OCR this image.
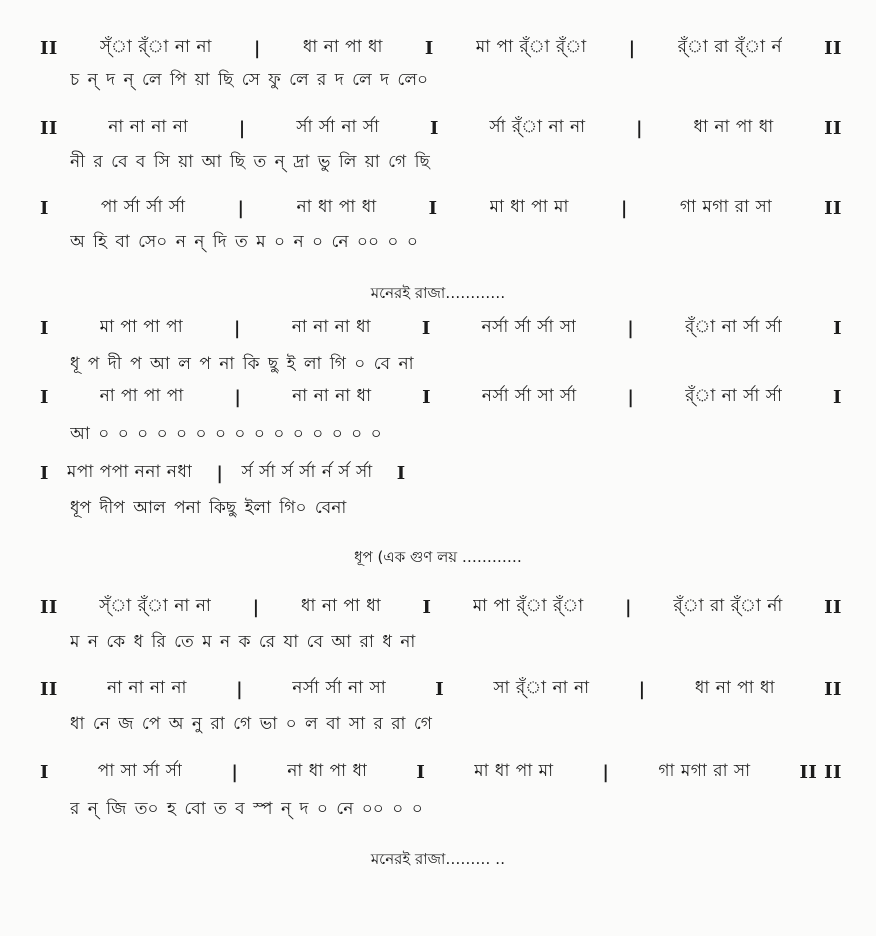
II স্ঁা র্ঁা না না | ধা না পা ধা I মা পা র্ঁা র্ঁা | র্ঁা রা র্ঁা র্ন II
চ ন্ দ ন্ লে পি য়া ছি সে ফু লে র দ লে দ লে০
II	না না না না	|	র্সা র্সা না র্সা	I	র্সা র্ঁা না না	|	ধা না পা ধা	II
নী র বে ব সি য়া আ ছি ত ন্ দ্রা ভু লি য়া গে ছি
I	পা র্সা র্সা র্সা	|	না ধা পা ধা	I	মা ধা পা মা	|	গা মগা রা সা	II
অ হি বা সে০ ন ন্ দি ত ম ০ ন ০ নে ০০ ০ ০
মনেরই রাজা…………
I	মা পা পা পা	|	না না না ধা	I	নর্সা র্সা র্সা সা	|	র্ঁা না র্সা র্সা	I
ধূ প দী প আ ল প না কি ছু ই লা গি ০ বে না
I	না পা পা পা	|	না না না ধা	I	নর্সা র্সা সা র্সা	|	র্ঁা না র্সা র্সা	I
আ ০ ০ ০ ০ ০ ০ ০ ০ ০ ০ ০ ০ ০ ০ ০
I মপা পপা ননা নধা | র্স র্সা র্স র্সা র্ন র্স র্সা I
ধূপ দীপ আল পনা কিছু ইলা গি০ বেনা
ধূপ (এক গুণ লয় …………
II স্ঁা র্ঁা না না | ধা না পা ধা I মা পা র্ঁা র্ঁা | র্ঁা রা র্ঁা র্না II
ম ন কে ধ রি তে ম ন ক রে যা বে আ রা ধ না
II	না না না না	|	নর্সা র্সা না সা	I	সা র্ঁা না না	|	ধা না পা ধা	II
ধা নে জ পে অ নু রা গে ভা ০ ল বা সা র রা গে
I	পা সা র্সা র্সা	|	না ধা পা ধা	I	মা ধা পা মা	|	গা মগা রা সা	II II
র ন্ জি ত০ হ বো ত ব স্প ন্ দ ০ নে ০০ ০ ০
মনেরই রাজা……… ‥
